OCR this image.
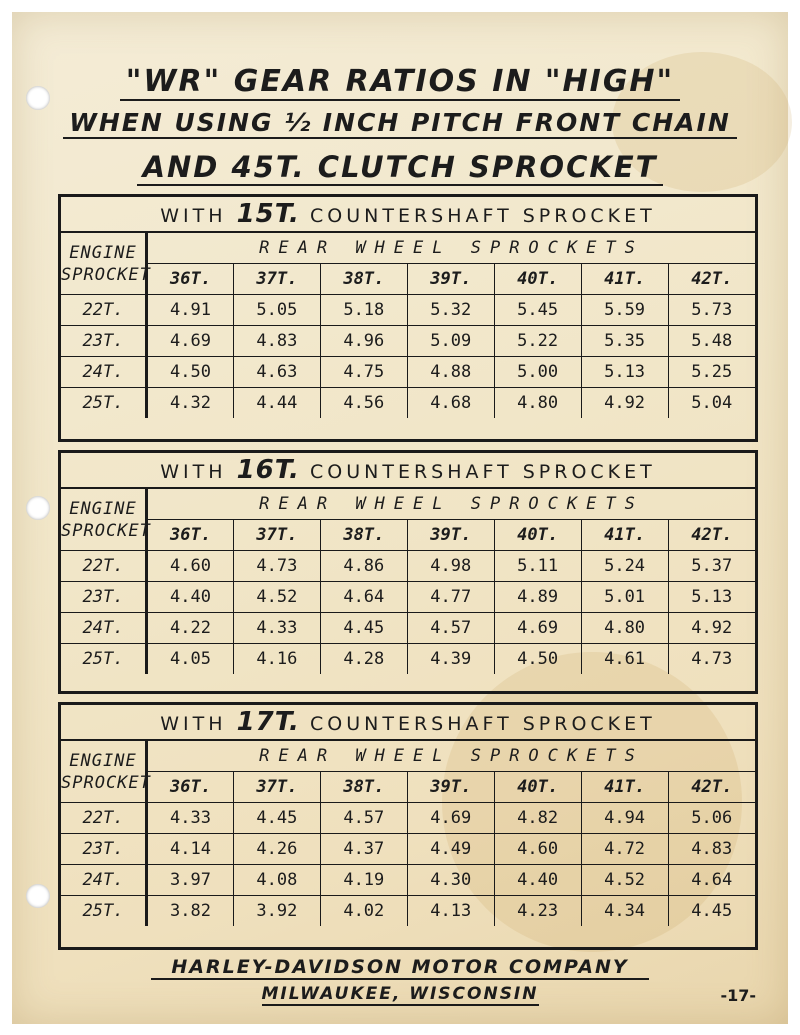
"WR" GEAR RATIOS IN "HIGH"
WHEN USING ½ INCH PITCH FRONT CHAIN
AND 45T. CLUTCH SPROCKET
WITH 15T. COUNTERSHAFT SPROCKET
ENGINE
SPROCKET	REAR WHEEL SPROCKETS						
	36T.	37T.	38T.	39T.	40T.	41T.	42T.
22T.	4.91	5.05	5.18	5.32	5.45	5.59	5.73
23T.	4.69	4.83	4.96	5.09	5.22	5.35	5.48
24T.	4.50	4.63	4.75	4.88	5.00	5.13	5.25
25T.	4.32	4.44	4.56	4.68	4.80	4.92	5.04
WITH 16T. COUNTERSHAFT SPROCKET
ENGINE
SPROCKET	REAR WHEEL SPROCKETS						
	36T.	37T.	38T.	39T.	40T.	41T.	42T.
22T.	4.60	4.73	4.86	4.98	5.11	5.24	5.37
23T.	4.40	4.52	4.64	4.77	4.89	5.01	5.13
24T.	4.22	4.33	4.45	4.57	4.69	4.80	4.92
25T.	4.05	4.16	4.28	4.39	4.50	4.61	4.73
WITH 17T. COUNTERSHAFT SPROCKET
ENGINE
SPROCKET	REAR WHEEL SPROCKETS						
	36T.	37T.	38T.	39T.	40T.	41T.	42T.
22T.	4.33	4.45	4.57	4.69	4.82	4.94	5.06
23T.	4.14	4.26	4.37	4.49	4.60	4.72	4.83
24T.	3.97	4.08	4.19	4.30	4.40	4.52	4.64
25T.	3.82	3.92	4.02	4.13	4.23	4.34	4.45
HARLEY-DAVIDSON MOTOR COMPANY
MILWAUKEE, WISCONSIN	-17-
